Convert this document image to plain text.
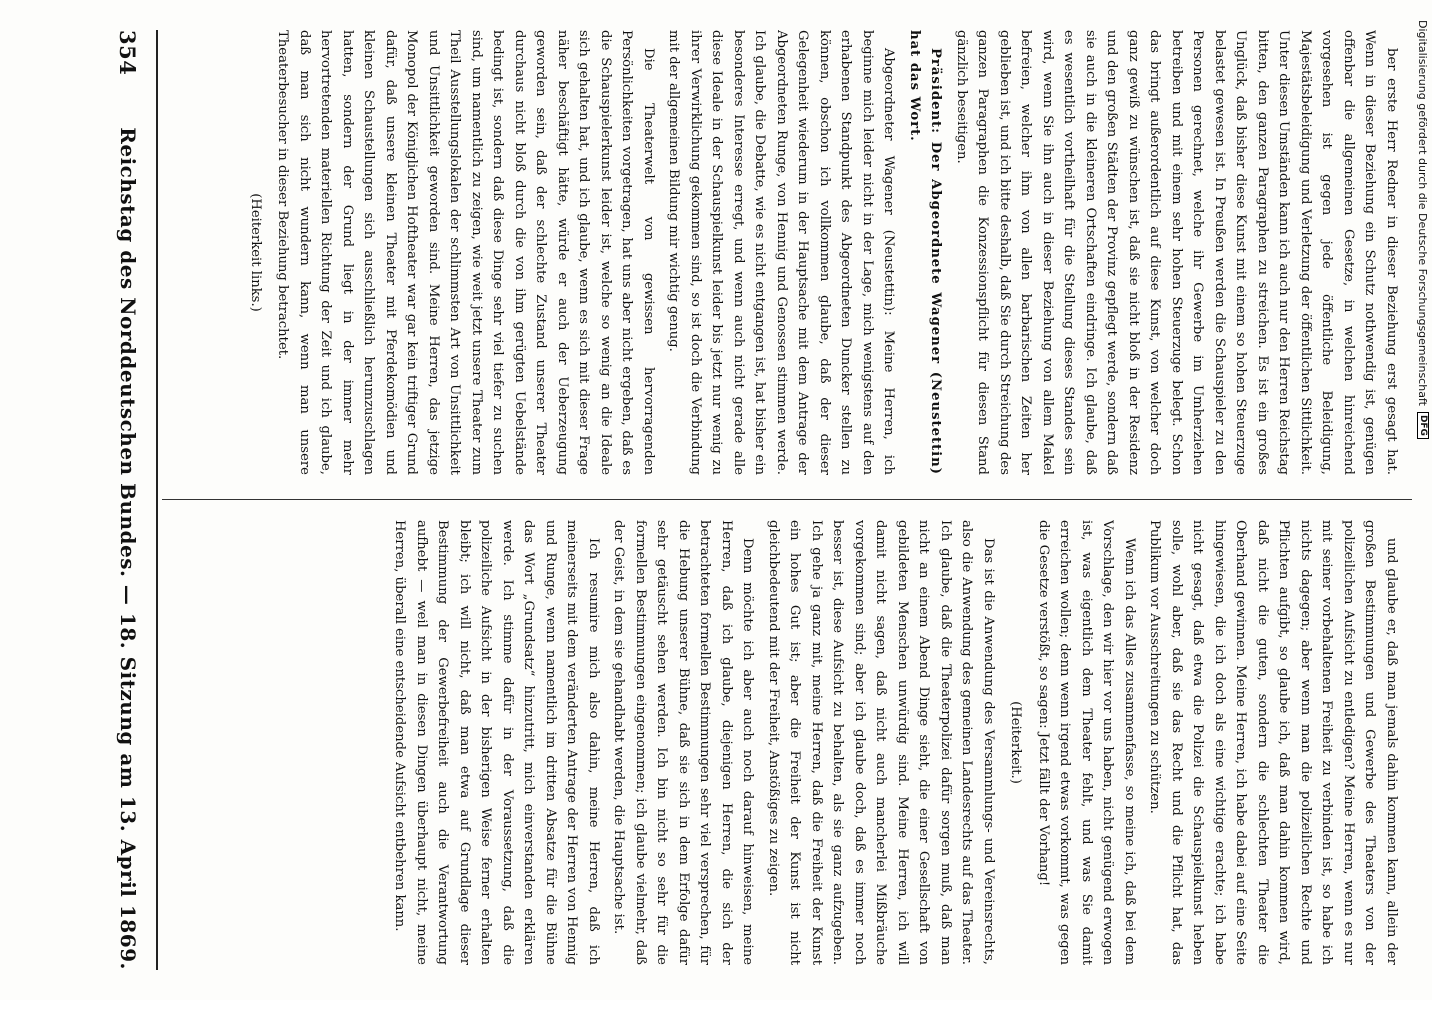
Digitalisierung gefördert durch die Deutsche Forschungsgemeinschaft
DFG

ber erste Herr Redner in dieser Beziehung erst gesagt hat. Wenn in dieser Beziehung ein Schutz nothwendig ist, genügen offenbar die allgemeinen Gesetze, in welchen hinreichend vorgesehen ist gegen jede öffentliche Beleidigung, Majestätsbeleidigung und Verletzung der öffentlichen Sittlichkeit. Unter diesen Umständen kann ich auch nur den Herren Reichstag bitten, den ganzen Paragraphen zu streichen. Es ist ein großes Unglück, daß bisher diese Kunst mit einem so hohen Steuerzuge belastet gewesen ist. In Preußen werden die Schauspieler zu den Personen gerechnet, welche ihr Gewerbe im Umherziehen betreiben und mit einem sehr hohen Steuerzuge belegt. Schon das bringt außerordentlich auf diese Kunst, von welcher doch ganz gewiß zu wünschen ist, daß sie nicht bloß in der Residenz und den großen Städten der Provinz gepflegt werde, sondern daß sie auch in die kleineren Ortschaften eindringe. Ich glaube, daß es wesentlich vortheilhaft für die Stellung dieses Standes sein wird, wenn Sie ihn auch in dieser Beziehung von allem Makel befreien, welcher ihm von allen barbarischen Zeiten her geblieben ist, und ich bitte deshalb, daß Sie durch Streichung des ganzen Paragraphen die Konzessionspflicht für diesen Stand gänzlich beseitigen.

Präsident: Der Abgeordnete Wagener (Neustettin) hat das Wort.

Abgeordneter Wagener (Neustettin): Meine Herren, ich beginne mich leider nicht in der Lage, mich wenigstens auf den erhabenen Standpunkt des Abgeordneten Duncker stellen zu können, obschon ich vollkommen glaube, daß der dieser Gelegenheit wiederum in der Hauptsache mit dem Antrage der Abgeordneten Runge, von Hennig und Genossen stimmen werde. Ich glaube, die Debatte, wie es nicht entgangen ist, hat bisher ein besonderes Interesse erregt, und wenn auch nicht gerade alle diese Ideale in der Schauspielkunst leider bis jetzt nur wenig zu ihrer Verwirklichung gekommen sind, so ist doch die Verbindung mit der allgemeinen Bildung mir wichtig genug.

Die Theaterwelt von gewissen hervorragenden Persönlichkeiten vorgetragen, hat uns aber nicht ergeben, daß es die Schauspielerkunst leider ist, welche so wenig an die Ideale sich gehalten hat, und ich glaube, wenn es sich mit dieser Frage näher beschäftigt hätte, würde er auch der Ueberzeugung geworden sein, daß der schlechte Zustand unserer Theater durchaus nicht bloß durch die von ihm gerügten Uebelstände bedingt ist, sondern daß diese Dinge sehr viel tiefer zu suchen sind, um namentlich zu zeigen, wie weit jetzt unsere Theater zum Theil Ausstellungslokalen der schlimmsten Art von Unsittlichkeit und Unsittlichkeit geworden sind. Meine Herren, das jetzige Monopol der Königlichen Hoftheater war gar kein triftiger Grund dafür, daß unsere kleinen Theater mit Pferdekomödien und kleinen Schaustellungen sich ausschließlich herumzuschlagen hatten, sondern der Grund liegt in der immer mehr hervortretenden materiellen Richtung der Zeit und ich glaube, daß man sich nicht wundern kann, wenn man unsere Theaterbesucher in dieser Beziehung betrachtet.

(Heiterkeit links.)

und glaube er, daß man jemals dahin kommen kann, allein der großen Bestimmungen und Gewerbe des Theaters von der polizeilichen Aufsicht zu entledigen? Meine Herren, wenn es nur mit seiner vorbehaltenen Freiheit zu verbinden ist, so habe ich nichts dagegen; aber wenn man die polizeilichen Rechte und Pflichten aufgibt, so glaube ich, daß man dahin kommen wird, daß nicht die guten, sondern die schlechten Theater die Oberhand gewinnen. Meine Herren, ich habe dabei auf eine Seite hingewiesen, die ich doch als eine wichtige erachte; ich habe nicht gesagt, daß etwa die Polizei die Schauspielkunst heben solle, wohl aber, daß sie das Recht und die Pflicht hat, das Publikum vor Ausschreitungen zu schützen.

Wenn ich das Alles zusammenfasse, so meine ich, daß bei dem Vorschlage, den wir hier vor uns haben, nicht genügend erwogen ist, was eigentlich dem Theater fehlt, und was Sie damit erreichen wollen; denn wenn irgend etwas vorkommt, was gegen die Gesetze verstößt, so sagen: Jetzt fällt der Vorhang!

(Heiterkeit.)

Das ist die Anwendung des Versammlungs- und Vereinsrechts, also die Anwendung des gemeinen Landesrechts auf das Theater. Ich glaube, daß die Theaterpolizei dafür sorgen muß, daß man nicht an einem Abend Dinge sieht, die einer Gesellschaft von gebildeten Menschen unwürdig sind. Meine Herren, ich will damit nicht sagen, daß nicht auch mancherlei Mißbräuche vorgekommen sind; aber ich glaube doch, daß es immer noch besser ist, diese Aufsicht zu behalten, als sie ganz aufzugeben. Ich gehe ja ganz mit, meine Herren, daß die Freiheit der Kunst ein hohes Gut ist; aber die Freiheit der Kunst ist nicht gleichbedeutend mit der Freiheit, Anstößiges zu zeigen.

Denn möchte ich aber auch noch darauf hinweisen, meine Herren, daß ich glaube, diejenigen Herren, die sich der betrachteten formellen Bestimmungen sehr viel versprechen, für die Hebung unserer Bühne, daß sie sich in dem Erfolge dafür sehr getäuscht sehen werden. Ich bin nicht so sehr für die formellen Bestimmungen eingenommen; ich glaube vielmehr, daß der Geist, in dem sie gehandhabt werden, die Hauptsache ist.

Ich resumire mich also dahin, meine Herren, daß ich meinerseits mit dem veränderten Antrage der Herren von Hennig und Runge, wenn namentlich im dritten Absatze für die Bühne das Wort „Grundsatz“ hinzutritt, mich einverstanden erklären werde. Ich stimme dafür in der Voraussetzung, daß die polizeiliche Aufsicht in der bisherigen Weise ferner erhalten bleibt; ich will nicht, daß man etwa auf Grundlage dieser Bestimmung der Gewerbefreiheit auch die Verantwortung aufhebt — weil man in diesen Dingen überhaupt nicht, meine Herren, überall eine entscheidende Aufsicht entbehren kann.

354
Reichstag des Norddeutschen Bundes. — 18. Sitzung am 13. April 1869.
